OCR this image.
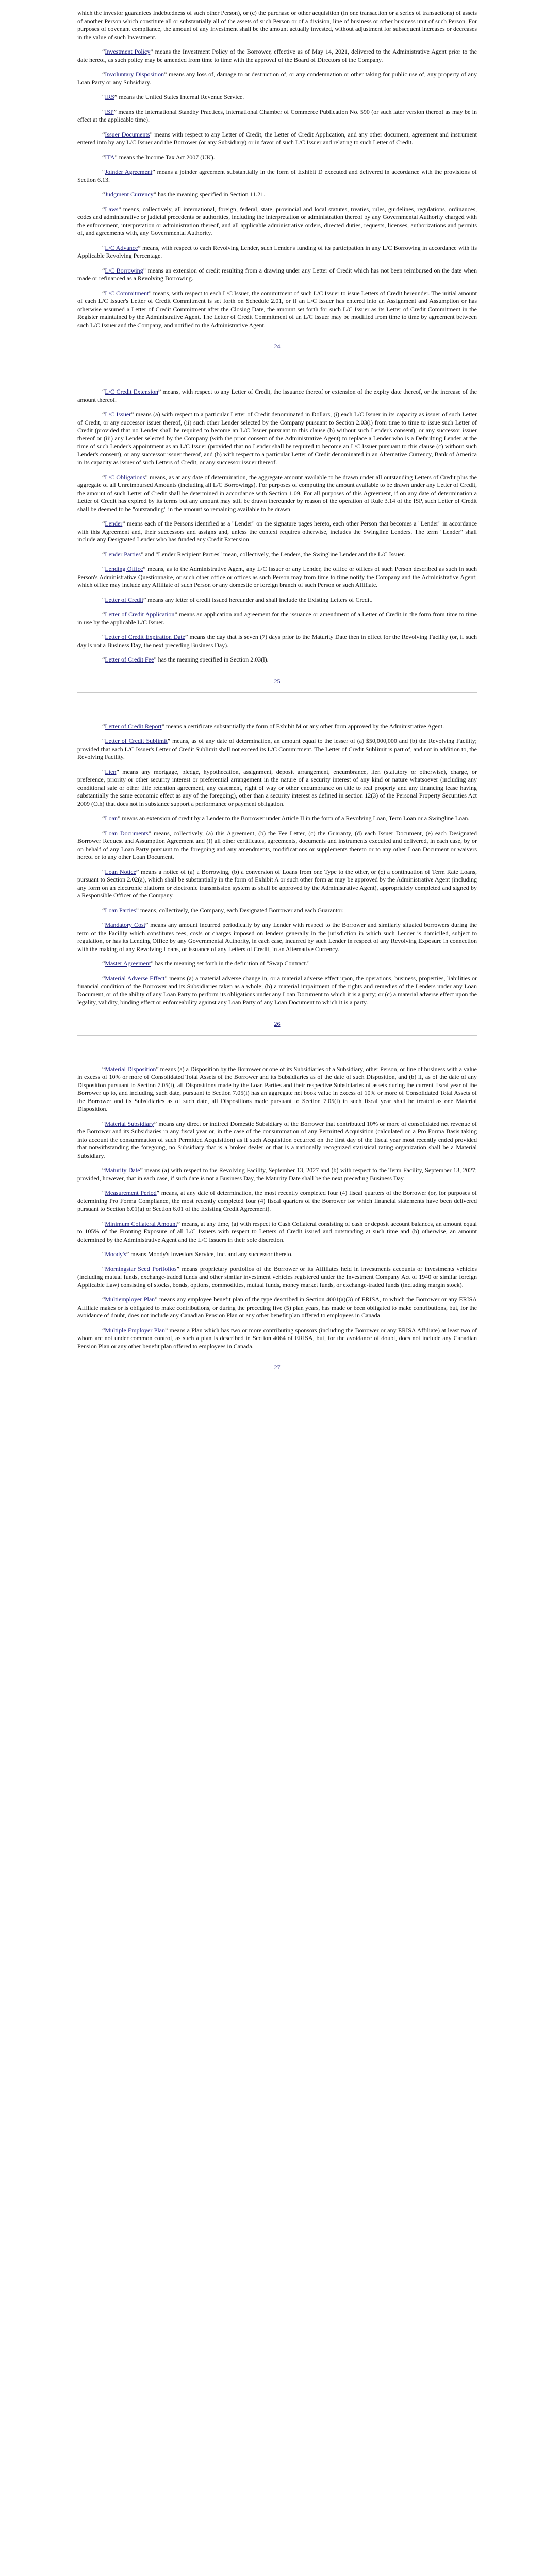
which the investor guarantees Indebtedness of such other Person), or (c) the purchase or other acquisition (in one transaction or a series of transactions) of assets of another Person which constitute all or substantially all of the assets of such Person or of a division, line of business or other business unit of such Person. For purposes of covenant compliance, the amount of any Investment shall be the amount actually invested, without adjustment for subsequent increases or decreases in the value of such Investment.

“Investment Policy” means the Investment Policy of the Borrower, effective as of May 14, 2021, delivered to the Administrative Agent prior to the date hereof, as such policy may be amended from time to time with the approval of the Board of Directors of the Company.

“Involuntary Disposition” means any loss of, damage to or destruction of, or any condemnation or other taking for public use of, any property of any Loan Party or any Subsidiary.

“IRS” means the United States Internal Revenue Service.

“ISP” means the International Standby Practices, International Chamber of Commerce Publication No. 590 (or such later version thereof as may be in effect at the applicable time).

“Issuer Documents” means with respect to any Letter of Credit, the Letter of Credit Application, and any other document, agreement and instrument entered into by any L/C Issuer and the Borrower (or any Subsidiary) or in favor of such L/C Issuer and relating to such Letter of Credit.

“ITA” means the Income Tax Act 2007 (UK).

“Joinder Agreement” means a joinder agreement substantially in the form of Exhibit D executed and delivered in accordance with the provisions of Section 6.13.

“Judgment Currency” has the meaning specified in Section 11.21.

“Laws” means, collectively, all international, foreign, federal, state, provincial and local statutes, treaties, rules, guidelines, regulations, ordinances, codes and administrative or judicial precedents or authorities, including the interpretation or administration thereof by any Governmental Authority charged with the enforcement, interpretation or administration thereof, and all applicable administrative orders, directed duties, requests, licenses, authorizations and permits of, and agreements with, any Governmental Authority.

“L/C Advance” means, with respect to each Revolving Lender, such Lender's funding of its participation in any L/C Borrowing in accordance with its Applicable Revolving Percentage.

“L/C Borrowing” means an extension of credit resulting from a drawing under any Letter of Credit which has not been reimbursed on the date when made or refinanced as a Revolving Borrowing.

“L/C Commitment” means, with respect to each L/C Issuer, the commitment of such L/C Issuer to issue Letters of Credit hereunder. The initial amount of each L/C Issuer's Letter of Credit Commitment is set forth on Schedule 2.01, or if an L/C Issuer has entered into an Assignment and Assumption or has otherwise assumed a Letter of Credit Commitment after the Closing Date, the amount set forth for such L/C Issuer as its Letter of Credit Commitment in the Register maintained by the Administrative Agent. The Letter of Credit Commitment of an L/C Issuer may be modified from time to time by agreement between such L/C Issuer and the Company, and notified to the Administrative Agent.

24

“L/C Credit Extension” means, with respect to any Letter of Credit, the issuance thereof or extension of the expiry date thereof, or the increase of the amount thereof.

“L/C Issuer” means (a) with respect to a particular Letter of Credit denominated in Dollars, (i) each L/C Issuer in its capacity as issuer of such Letter of Credit, or any successor issuer thereof, (ii) such other Lender selected by the Company pursuant to Section 2.03(i) from time to time to issue such Letter of Credit (provided that no Lender shall be required to become an L/C Issuer pursuant to this clause (b) without such Lender's consent), or any successor issuer thereof or (iii) any Lender selected by the Company (with the prior consent of the Administrative Agent) to replace a Lender who is a Defaulting Lender at the time of such Lender's appointment as an L/C Issuer (provided that no Lender shall be required to become an L/C Issuer pursuant to this clause (c) without such Lender's consent), or any successor issuer thereof, and (b) with respect to a particular Letter of Credit denominated in an Alternative Currency, Bank of America in its capacity as issuer of such Letters of Credit, or any successor issuer thereof.

“L/C Obligations” means, as at any date of determination, the aggregate amount available to be drawn under all outstanding Letters of Credit plus the aggregate of all Unreimbursed Amounts (including all L/C Borrowings). For purposes of computing the amount available to be drawn under any Letter of Credit, the amount of such Letter of Credit shall be determined in accordance with Section 1.09. For all purposes of this Agreement, if on any date of determination a Letter of Credit has expired by its terms but any amount may still be drawn thereunder by reason of the operation of Rule 3.14 of the ISP, such Letter of Credit shall be deemed to be "outstanding" in the amount so remaining available to be drawn.

“Lender” means each of the Persons identified as a "Lender" on the signature pages hereto, each other Person that becomes a "Lender" in accordance with this Agreement and, their successors and assigns and, unless the context requires otherwise, includes the Swingline Lenders. The term "Lender" shall include any Designated Lender who has funded any Credit Extension.

“Lender Parties” and "Lender Recipient Parties" mean, collectively, the Lenders, the Swingline Lender and the L/C Issuer.

“Lending Office” means, as to the Administrative Agent, any L/C Issuer or any Lender, the office or offices of such Person described as such in such Person's Administrative Questionnaire, or such other office or offices as such Person may from time to time notify the Company and the Administrative Agent; which office may include any Affiliate of such Person or any domestic or foreign branch of such Person or such Affiliate.

“Letter of Credit” means any letter of credit issued hereunder and shall include the Existing Letters of Credit.

“Letter of Credit Application” means an application and agreement for the issuance or amendment of a Letter of Credit in the form from time to time in use by the applicable L/C Issuer.

“Letter of Credit Expiration Date” means the day that is seven (7) days prior to the Maturity Date then in effect for the Revolving Facility (or, if such day is not a Business Day, the next preceding Business Day).

“Letter of Credit Fee” has the meaning specified in Section 2.03(l).

25

“Letter of Credit Report” means a certificate substantially the form of Exhibit M or any other form approved by the Administrative Agent.

“Letter of Credit Sublimit” means, as of any date of determination, an amount equal to the lesser of (a) $50,000,000 and (b) the Revolving Facility; provided that each L/C Issuer's Letter of Credit Sublimit shall not exceed its L/C Commitment. The Letter of Credit Sublimit is part of, and not in addition to, the Revolving Facility.

“Lien” means any mortgage, pledge, hypothecation, assignment, deposit arrangement, encumbrance, lien (statutory or otherwise), charge, or preference, priority or other security interest or preferential arrangement in the nature of a security interest of any kind or nature whatsoever (including any conditional sale or other title retention agreement, any easement, right of way or other encumbrance on title to real property and any financing lease having substantially the same economic effect as any of the foregoing), other than a security interest as defined in section 12(3) of the Personal Property Securities Act 2009 (Cth) that does not in substance support a performance or payment obligation.

“Loan” means an extension of credit by a Lender to the Borrower under Article II in the form of a Revolving Loan, Term Loan or a Swingline Loan.

“Loan Documents” means, collectively, (a) this Agreement, (b) the Fee Letter, (c) the Guaranty, (d) each Issuer Document, (e) each Designated Borrower Request and Assumption Agreement and (f) all other certificates, agreements, documents and instruments executed and delivered, in each case, by or on behalf of any Loan Party pursuant to the foregoing and any amendments, modifications or supplements thereto or to any other Loan Document or waivers hereof or to any other Loan Document.

“Loan Notice” means a notice of (a) a Borrowing, (b) a conversion of Loans from one Type to the other, or (c) a continuation of Term Rate Loans, pursuant to Section 2.02(a), which shall be substantially in the form of Exhibit A or such other form as may be approved by the Administrative Agent (including any form on an electronic platform or electronic transmission system as shall be approved by the Administrative Agent), appropriately completed and signed by a Responsible Officer of the Company.

“Loan Parties” means, collectively, the Company, each Designated Borrower and each Guarantor.

“Mandatory Cost” means any amount incurred periodically by any Lender with respect to the Borrower and similarly situated borrowers during the term of the Facility which constitutes fees, costs or charges imposed on lenders generally in the jurisdiction in which such Lender is domiciled, subject to regulation, or has its Lending Office by any Governmental Authority, in each case, incurred by such Lender in respect of any Revolving Exposure in connection with the making of any Revolving Loans, or issuance of any Letters of Credit, in an Alternative Currency.

“Master Agreement” has the meaning set forth in the definition of "Swap Contract."

“Material Adverse Effect” means (a) a material adverse change in, or a material adverse effect upon, the operations, business, properties, liabilities or financial condition of the Borrower and its Subsidiaries taken as a whole; (b) a material impairment of the rights and remedies of the Lenders under any Loan Document, or of the ability of any Loan Party to perform its obligations under any Loan Document to which it is a party; or (c) a material adverse effect upon the legality, validity, binding effect or enforceability against any Loan Party of any Loan Document to which it is a party.

26

“Material Disposition” means (a) a Disposition by the Borrower or one of its Subsidiaries of a Subsidiary, other Person, or line of business with a value in excess of 10% or more of Consolidated Total Assets of the Borrower and its Subsidiaries as of the date of such Disposition, and (b) if, as of the date of any Disposition pursuant to Section 7.05(i), all Dispositions made by the Loan Parties and their respective Subsidiaries of assets during the current fiscal year of the Borrower up to, and including, such date, pursuant to Section 7.05(i) has an aggregate net book value in excess of 10% or more of Consolidated Total Assets of the Borrower and its Subsidiaries as of such date, all Dispositions made pursuant to Section 7.05(i) in such fiscal year shall be treated as one Material Disposition.

“Material Subsidiary” means any direct or indirect Domestic Subsidiary of the Borrower that contributed 10% or more of consolidated net revenue of the Borrower and its Subsidiaries in any fiscal year or, in the case of the consummation of any Permitted Acquisition (calculated on a Pro Forma Basis taking into account the consummation of such Permitted Acquisition) as if such Acquisition occurred on the first day of the fiscal year most recently ended provided that notwithstanding the foregoing, no Subsidiary that is a broker dealer or that is a nationally recognized statistical rating organization shall be a Material Subsidiary.

“Maturity Date” means (a) with respect to the Revolving Facility, September 13, 2027 and (b) with respect to the Term Facility, September 13, 2027; provided, however, that in each case, if such date is not a Business Day, the Maturity Date shall be the next preceding Business Day.

“Measurement Period” means, at any date of determination, the most recently completed four (4) fiscal quarters of the Borrower (or, for purposes of determining Pro Forma Compliance, the most recently completed four (4) fiscal quarters of the Borrower for which financial statements have been delivered pursuant to Section 6.01(a) or Section 6.01 of the Existing Credit Agreement).

“Minimum Collateral Amount” means, at any time, (a) with respect to Cash Collateral consisting of cash or deposit account balances, an amount equal to 105% of the Fronting Exposure of all L/C Issuers with respect to Letters of Credit issued and outstanding at such time and (b) otherwise, an amount determined by the Administrative Agent and the L/C Issuers in their sole discretion.

“Moody's” means Moody's Investors Service, Inc. and any successor thereto.

“Morningstar Seed Portfolios” means proprietary portfolios of the Borrower or its Affiliates held in investments accounts or investments vehicles (including mutual funds, exchange-traded funds and other similar investment vehicles registered under the Investment Company Act of 1940 or similar foreign Applicable Law) consisting of stocks, bonds, options, commodities, mutual funds, money market funds, or exchange-traded funds (including margin stock).

“Multiemployer Plan” means any employee benefit plan of the type described in Section 4001(a)(3) of ERISA, to which the Borrower or any ERISA Affiliate makes or is obligated to make contributions, or during the preceding five (5) plan years, has made or been obligated to make contributions, but, for the avoidance of doubt, does not include any Canadian Pension Plan or any other benefit plan offered to employees in Canada.

“Multiple Employer Plan” means a Plan which has two or more contributing sponsors (including the Borrower or any ERISA Affiliate) at least two of whom are not under common control, as such a plan is described in Section 4064 of ERISA, but, for the avoidance of doubt, does not include any Canadian Pension Plan or any other benefit plan offered to employees in Canada.

27
